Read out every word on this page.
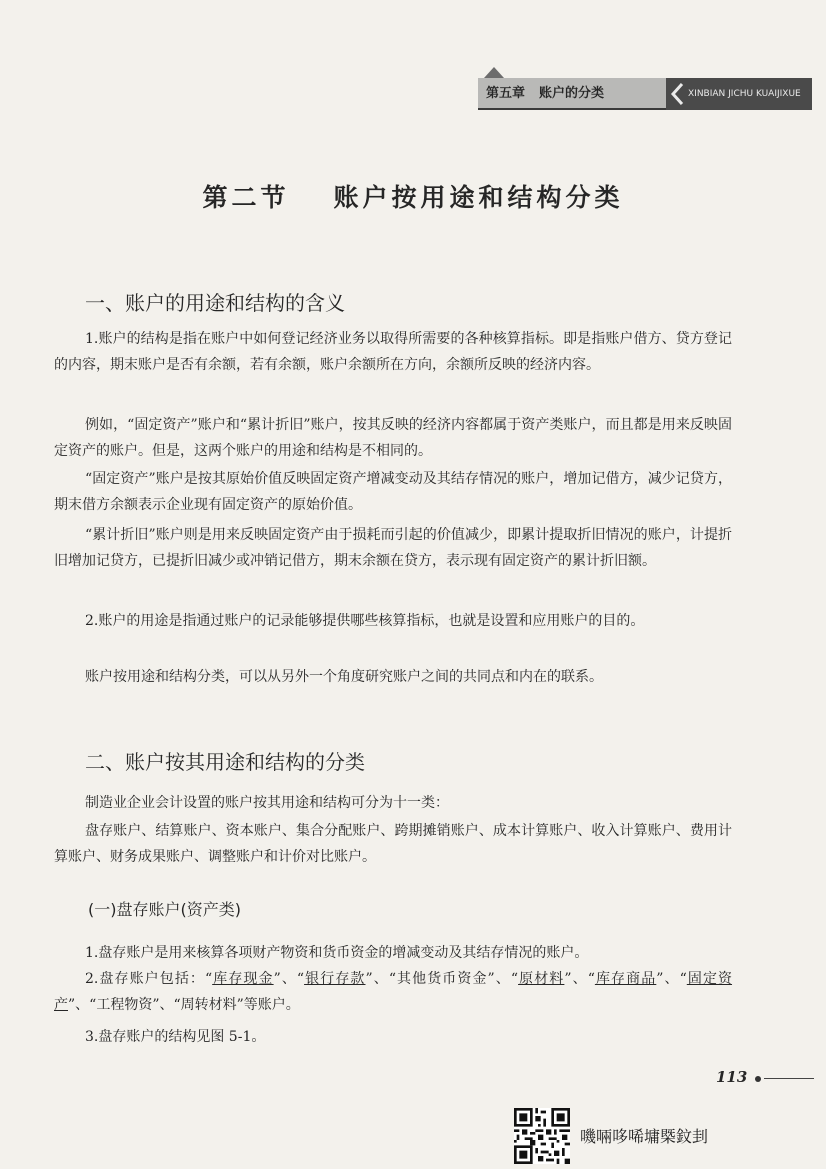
第五章 账户的分类	XINBIAN JICHU KUAIJIXUE
第二节 账户按用途和结构分类
一、账户的用途和结构的含义

1.账户的结构是指在账户中如何登记经济业务以取得所需要的各种核算指标。即是指账户借方、贷方登记的内容，期末账户是否有余额，若有余额，账户余额所在方向，余额所反映的经济内容。

例如，“固定资产”账户和“累计折旧”账户，按其反映的经济内容都属于资产类账户，而且都是用来反映固定资产的账户。但是，这两个账户的用途和结构是不相同的。

“固定资产”账户是按其原始价值反映固定资产增减变动及其结存情况的账户，增加记借方，减少记贷方，期末借方余额表示企业现有固定资产的原始价值。

“累计折旧”账户则是用来反映固定资产由于损耗而引起的价值减少，即累计提取折旧情况的账户，计提折旧增加记贷方，已提折旧减少或冲销记借方，期末余额在贷方，表示现有固定资产的累计折旧额。

2.账户的用途是指通过账户的记录能够提供哪些核算指标，也就是设置和应用账户的目的。

账户按用途和结构分类，可以从另外一个角度研究账户之间的共同点和内在的联系。

二、账户按其用途和结构的分类

制造业企业会计设置的账户按其用途和结构可分为十一类：

盘存账户、结算账户、资本账户、集合分配账户、跨期摊销账户、成本计算账户、收入计算账户、费用计算账户、财务成果账户、调整账户和计价对比账户。

(一)盘存账户(资产类)

1.盘存账户是用来核算各项财产物资和货币资金的增减变动及其结存情况的账户。

2.盘存账户包括：“库存现金”、“银行存款”、“其他货币资金”、“原材料”、“库存商品”、“固定资产”、“工程物资”、“周转材料”等账户。

3.盘存账户的结构见图 5-1。

113
嘰啢哆唏墉槩鈫刲
